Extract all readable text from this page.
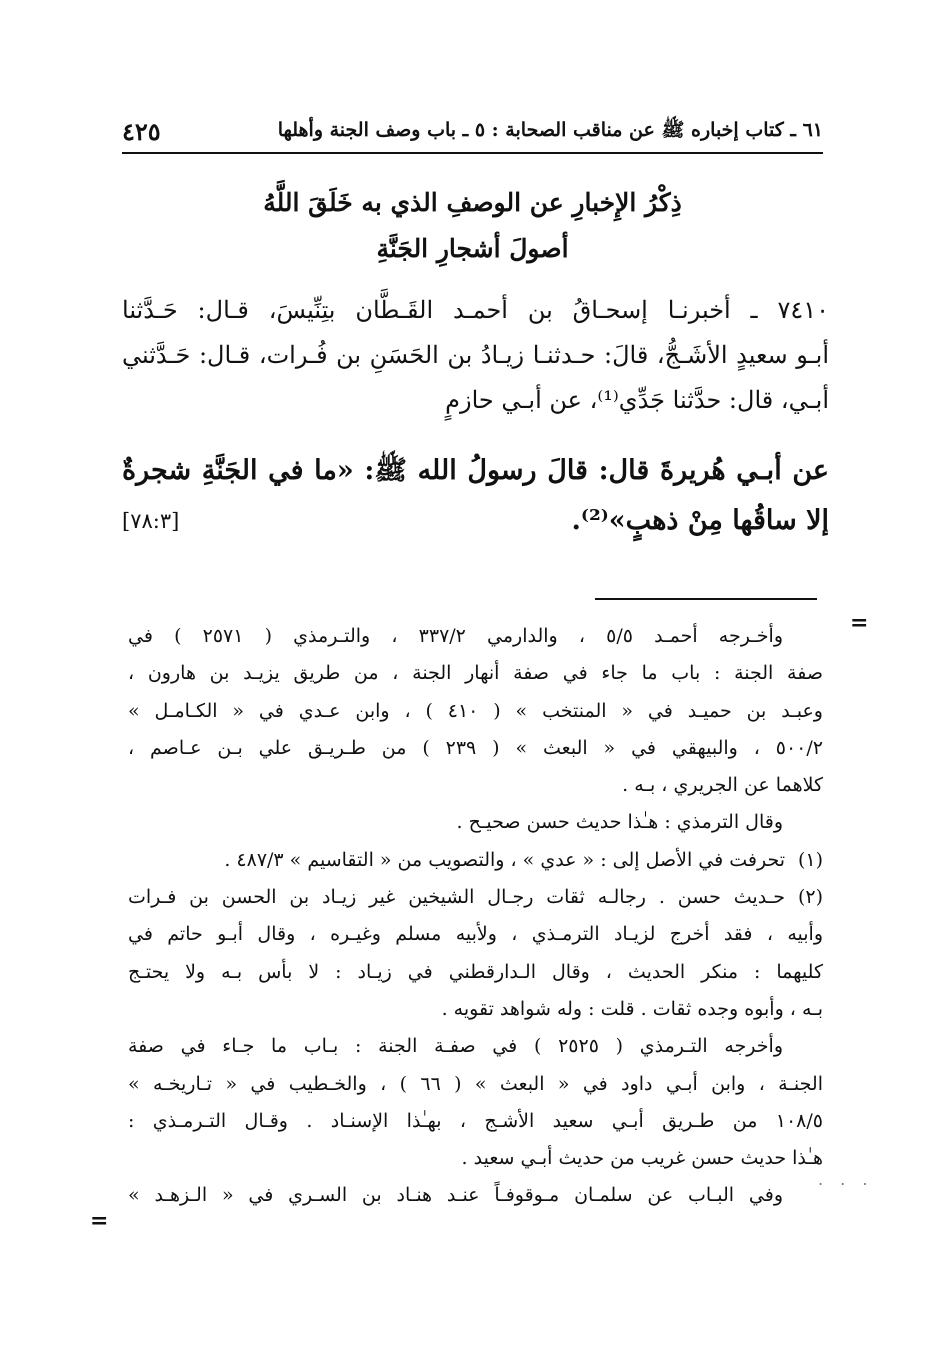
٦١ ـ كتاب إخباره ﷺ عن مناقب الصحابة : ٥ ـ باب وصف الجنة وأهلها
٤٢٥
ذِكْرُ الإِخبارِ عن الوصفِ الذي به خَلَقَ اللَّهُ
أصولَ أشجارِ الجَنَّةِ
٧٤١٠ ـ أخبرنـا إسحـاقُ بن أحمـد القَـطَّان بتِنِّيسَ، قـال: حَـدَّثنا
أبـو سعيدٍ الأشَـجُّ، قالَ: حـدثنـا زيـادُ بن الحَسَنِ بن فُـرات، قـال: حَـدَّثني
أبـي، قال: حدَّثنا جَدِّي⁽¹⁾، عن أبـي حازمٍ
عن أبـي هُريرةَ قال: قالَ رسولُ الله ﷺ: «ما في الجَنَّةِ شجرةٌ
إلا ساقُها مِنْ ذهبٍ»⁽²⁾.
[٧٨:٣]
=
=
. . .
وأخـرجه أحمـد ٥/٥ ، والدارمي ٣٣٧/٢ ، والتـرمذي ( ٢٥٧١ ) في
صفة الجنة : باب ما جاء في صفة أنهار الجنة ، من طريق يزيـد بن هارون ،
وعبـد بن حميـد في « المنتخب » ( ٤١٠ ) ، وابن عـدي في « الكـامـل »
٥٠٠/٢ ، والبيهقي في « البعث » ( ٢٣٩ ) من طـريـق علي بـن عـاصم ،
كلاهما عن الجريري ، بـه .
وقال الترمذي : هـٰذا حديث حسن صحيـح .
(١)
تحرفت في الأصل إلى : « عدي » ، والتصويب من « التقاسيم » ٤٨٧/٣ .
(٢)
حـديث حسن . رجالـه ثقات رجـال الشيخين غير زيـاد بن الحسن بن فـرات
وأبيه ، فقد أخرج لزيـاد الترمـذي ، ولأبيه مسلم وغيـره ، وقال أبـو حاتم في
كليهما : منكر الحديث ، وقال الـدارقطني في زيـاد : لا بأس بـه ولا يحتـج
بـه ، وأبوه وجده ثقات . قلت : وله شواهد تقويه .
وأخرجه التـرمذي ( ٢٥٢٥ ) في صفـة الجنة : بـاب ما جـاء في صفة
الجنـة ، وابن أبـي داود في « البعث » ( ٦٦ ) ، والخـطيب في « تـاريخـه »
١٠٨/٥ من طـريق أبـي سعيد الأشـج ، بهـٰذا الإسنـاد . وقـال التـرمـذي :
هـٰذا حديث حسن غريب من حديث أبـي سعيد .
وفي البـاب عن سلمـان مـوقوفـاً عنـد هنـاد بن السـري في « الـزهـد »
